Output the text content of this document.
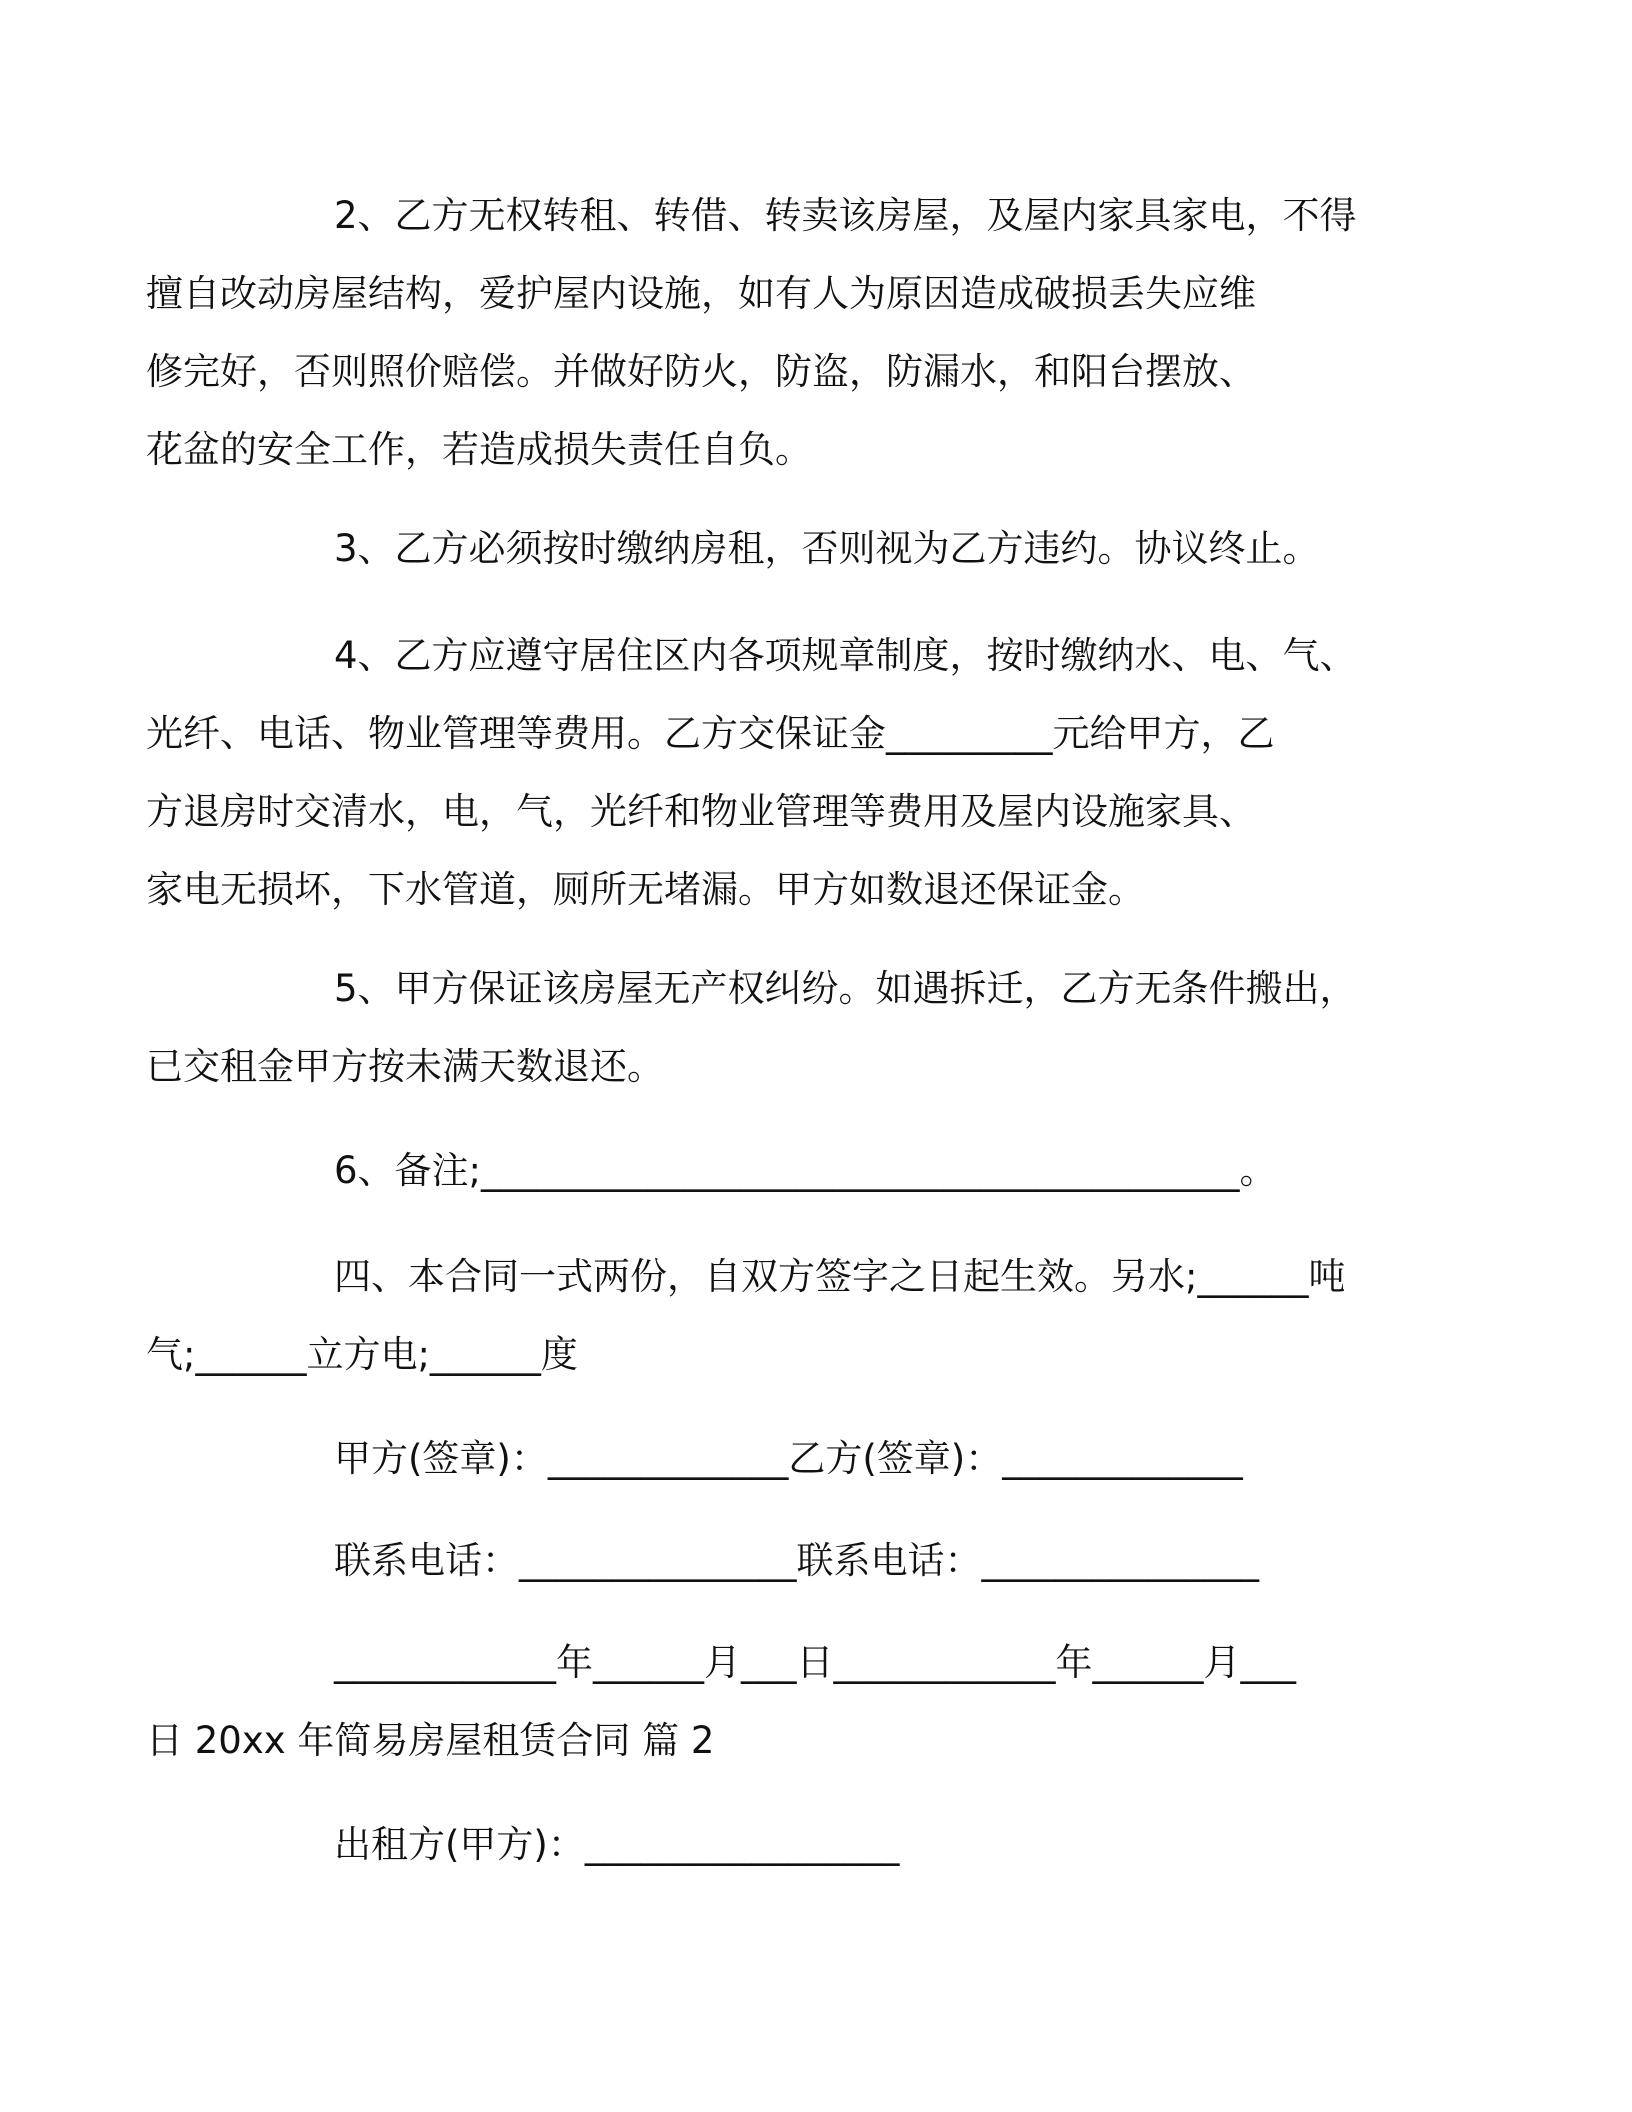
2、乙方无权转租、转借、转卖该房屋，及屋内家具家电，不得
擅自改动房屋结构，爱护屋内设施，如有人为原因造成破损丢失应维
修完好，否则照价赔偿。并做好防火，防盗，防漏水，和阳台摆放、
花盆的安全工作，若造成损失责任自负。
3、乙方必须按时缴纳房租，否则视为乙方违约。协议终止。
4、乙方应遵守居住区内各项规章制度，按时缴纳水、电、气、
光纤、电话、物业管理等费用。乙方交保证金_________元给甲方，乙
方退房时交清水，电，气，光纤和物业管理等费用及屋内设施家具、
家电无损坏，下水管道，厕所无堵漏。甲方如数退还保证金。
5、甲方保证该房屋无产权纠纷。如遇拆迁，乙方无条件搬出，
已交租金甲方按未满天数退还。
6、备注;_________________________________________。
四、本合同一式两份，自双方签字之日起生效。另水;______吨
气;______立方电;______度
甲方(签章)：_____________乙方(签章)：_____________
联系电话：_______________联系电话：_______________
____________年______月___日____________年______月___
日 20xx 年简易房屋租赁合同 篇 2
出租方(甲方)：_________________
